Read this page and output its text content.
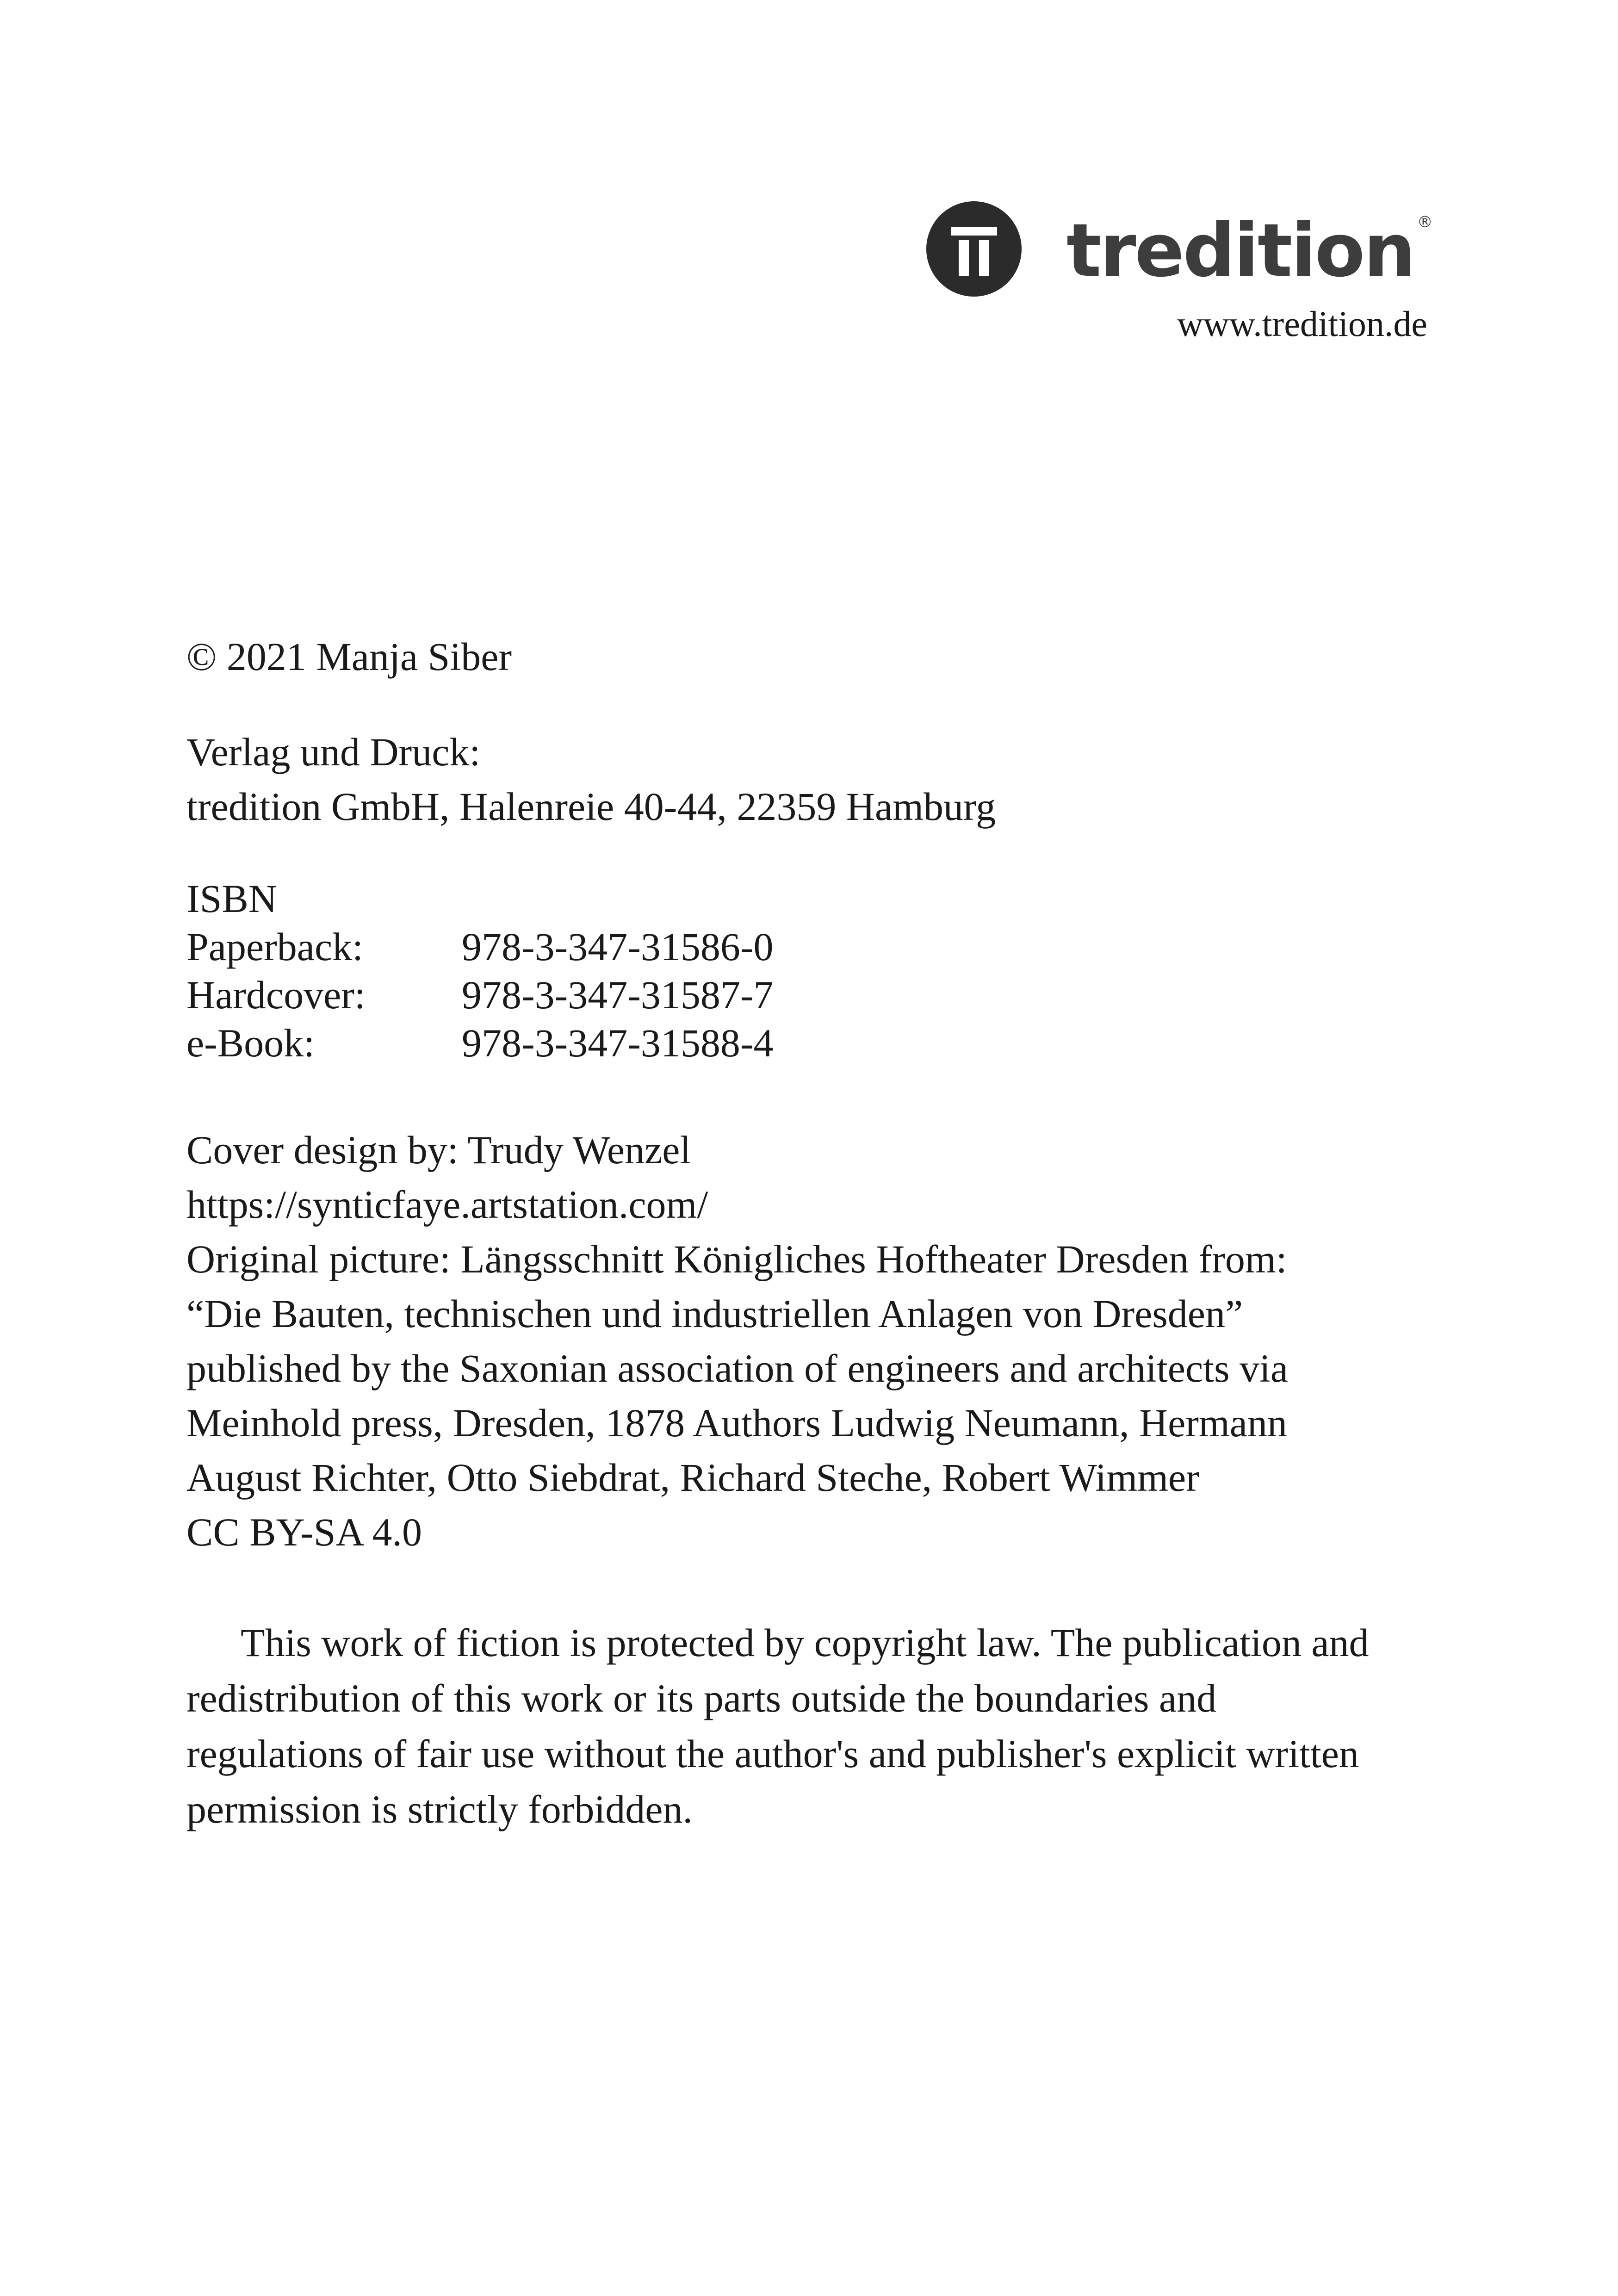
tredition ®
www.tredition.de
© 2021 Manja Siber
Verlag und Druck:
tredition GmbH, Halenreie 40-44, 22359 Hamburg
ISBN
Paperback:	978-3-347-31586-0
Hardcover:	978-3-347-31587-7
e-Book:	978-3-347-31588-4
Cover design by: Trudy Wenzel
https://synticfaye.artstation.com/
Original picture: Längsschnitt Königliches Hoftheater Dresden from:
“Die Bauten, technischen und industriellen Anlagen von Dresden”
published by the Saxonian association of engineers and architects via
Meinhold press, Dresden, 1878 Authors Ludwig Neumann, Hermann
August Richter, Otto Siebdrat, Richard Steche, Robert Wimmer
CC BY-SA 4.0
This work of fiction is protected by copyright law. The publication and
redistribution of this work or its parts outside the boundaries and
regulations of fair use without the author's and publisher's explicit written
permission is strictly forbidden.
